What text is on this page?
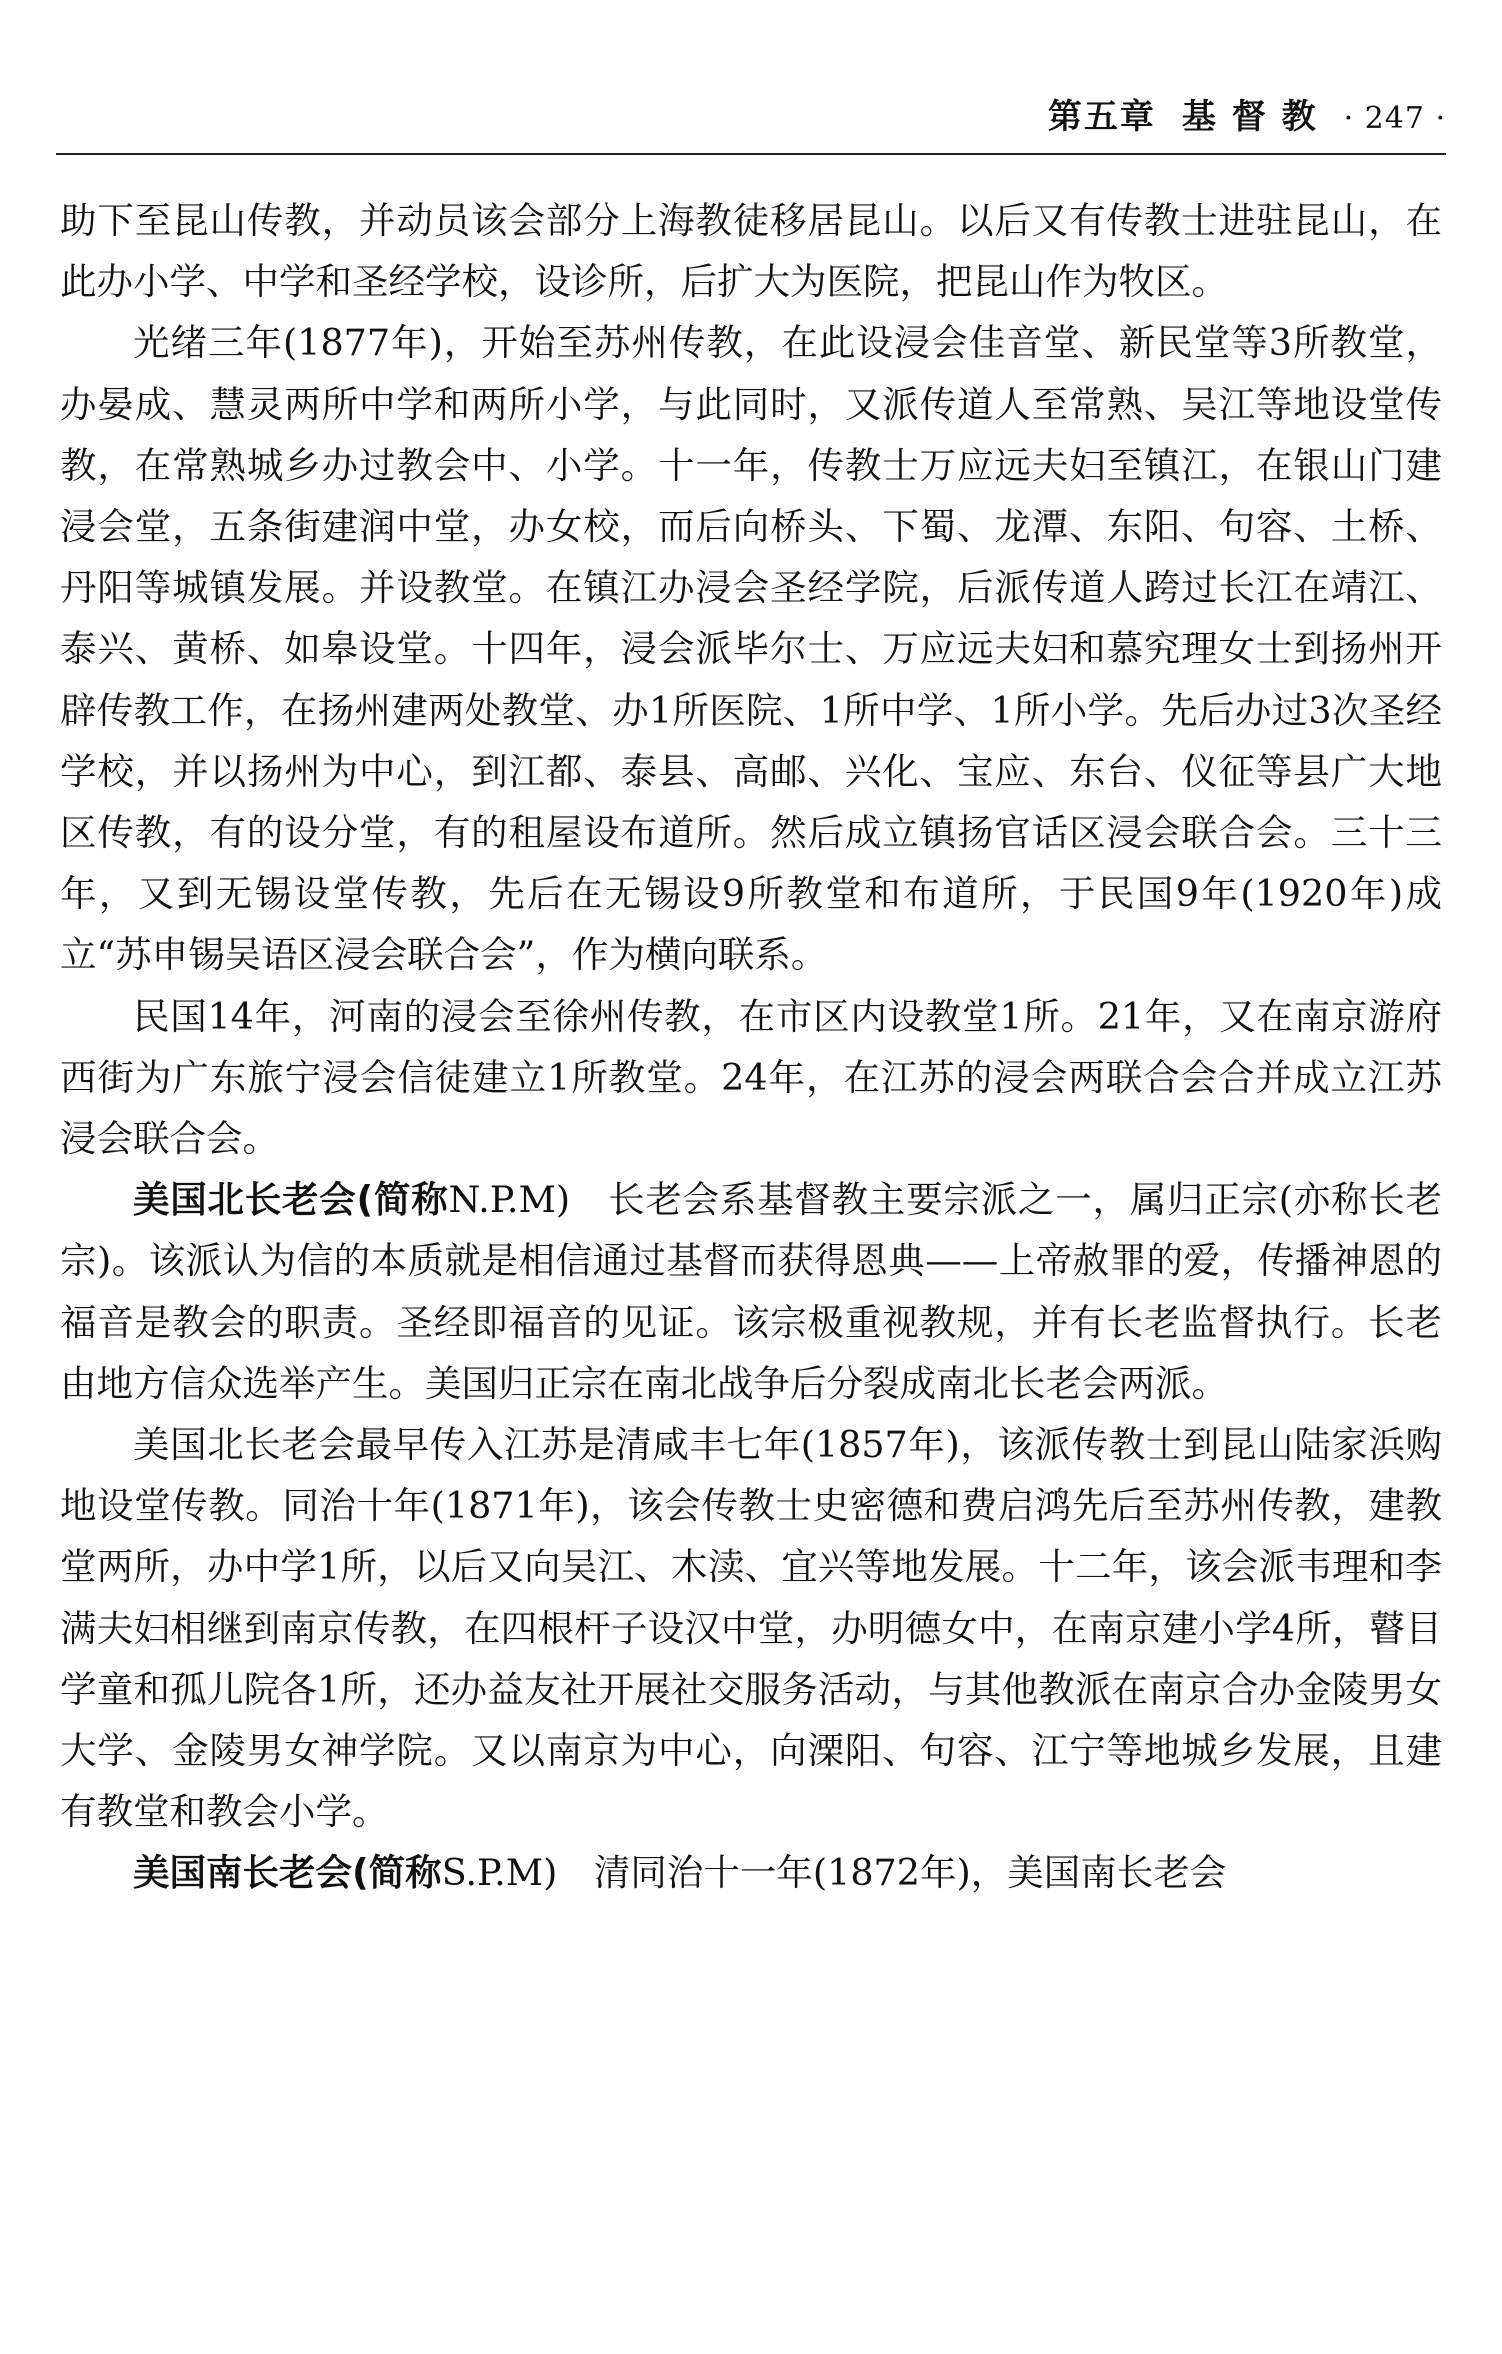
第五章 基 督 教 · 247 ·

助下至昆山传教，并动员该会部分上海教徒移居昆山。以后又有传教士进驻昆山，在此办小学、中学和圣经学校，设诊所，后扩大为医院，把昆山作为牧区。

光绪三年(1877年)，开始至苏州传教，在此设浸会佳音堂、新民堂等3所教堂，办晏成、慧灵两所中学和两所小学，与此同时，又派传道人至常熟、吴江等地设堂传教，在常熟城乡办过教会中、小学。十一年，传教士万应远夫妇至镇江，在银山门建浸会堂，五条街建润中堂，办女校，而后向桥头、下蜀、龙潭、东阳、句容、土桥、丹阳等城镇发展。并设教堂。在镇江办浸会圣经学院，后派传道人跨过长江在靖江、泰兴、黄桥、如皋设堂。十四年，浸会派毕尔士、万应远夫妇和慕究理女士到扬州开辟传教工作，在扬州建两处教堂、办1所医院、1所中学、1所小学。先后办过3次圣经学校，并以扬州为中心，到江都、泰县、高邮、兴化、宝应、东台、仪征等县广大地区传教，有的设分堂，有的租屋设布道所。然后成立镇扬官话区浸会联合会。三十三年，又到无锡设堂传教，先后在无锡设9所教堂和布道所，于民国9年(1920年)成立“苏申锡吴语区浸会联合会”，作为横向联系。

民国14年，河南的浸会至徐州传教，在市区内设教堂1所。21年，又在南京游府西街为广东旅宁浸会信徒建立1所教堂。24年，在江苏的浸会两联合会合并成立江苏浸会联合会。

美国北长老会(简称N.P.M)　 长老会系基督教主要宗派之一，属归正宗(亦称长老宗)。该派认为信的本质就是相信通过基督而获得恩典——上帝赦罪的爱，传播神恩的福音是教会的职责。圣经即福音的见证。该宗极重视教规，并有长老监督执行。长老由地方信众选举产生。美国归正宗在南北战争后分裂成南北长老会两派。

美国北长老会最早传入江苏是清咸丰七年(1857年)，该派传教士到昆山陆家浜购地设堂传教。同治十年(1871年)，该会传教士史密德和费启鸿先后至苏州传教，建教堂两所，办中学1所，以后又向吴江、木渎、宜兴等地发展。十二年，该会派韦理和李满夫妇相继到南京传教，在四根杆子设汉中堂，办明德女中，在南京建小学4所，瞽目学童和孤儿院各1所，还办益友社开展社交服务活动，与其他教派在南京合办金陵男女大学、金陵男女神学院。又以南京为中心，向溧阳、句容、江宁等地城乡发展，且建有教堂和教会小学。

美国南长老会(简称S.P.M)　 清同治十一年(1872年)，美国南长老会
